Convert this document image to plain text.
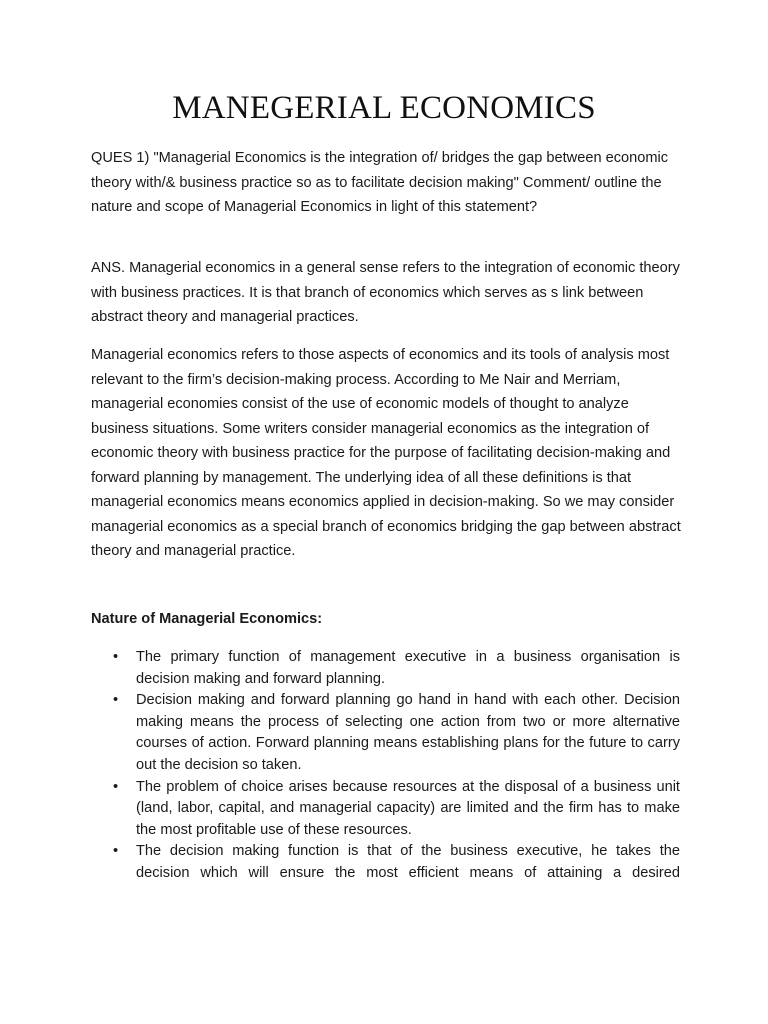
MANEGERIAL ECONOMICS

QUES 1) "Managerial Economics is the integration of/ bridges the gap between economic theory with/& business practice so as to facilitate decision making" Comment/ outline the nature and scope of Managerial Economics in light of this statement?

ANS. Managerial economics in a general sense refers to the integration of economic theory with business practices. It is that branch of economics which serves as s link between abstract theory and managerial practices.

Managerial economics refers to those aspects of economics and its tools of analysis most relevant to the firm’s decision-making process. According to Me Nair and Merriam, managerial economies consist of the use of economic models of thought to analyze business situations. Some writers consider managerial economics as the integration of economic theory with business practice for the purpose of facilitating decision-making and forward planning by management. The underlying idea of all these definitions is that managerial economics means economics applied in decision-making. So we may consider managerial economics as a special branch of economics bridging the gap between abstract theory and managerial practice.

Nature of Managerial Economics:

• The primary function of management executive in a business organisation is decision making and forward planning.
• Decision making and forward planning go hand in hand with each other. Decision making means the process of selecting one action from two or more alternative courses of action. Forward planning means establishing plans for the future to carry out the decision so taken.
• The problem of choice arises because resources at the disposal of a business unit (land, labor, capital, and managerial capacity) are limited and the firm has to make the most profitable use of these resources.
• The decision making function is that of the business executive, he takes the decision which will ensure the most efficient means of attaining a desired
